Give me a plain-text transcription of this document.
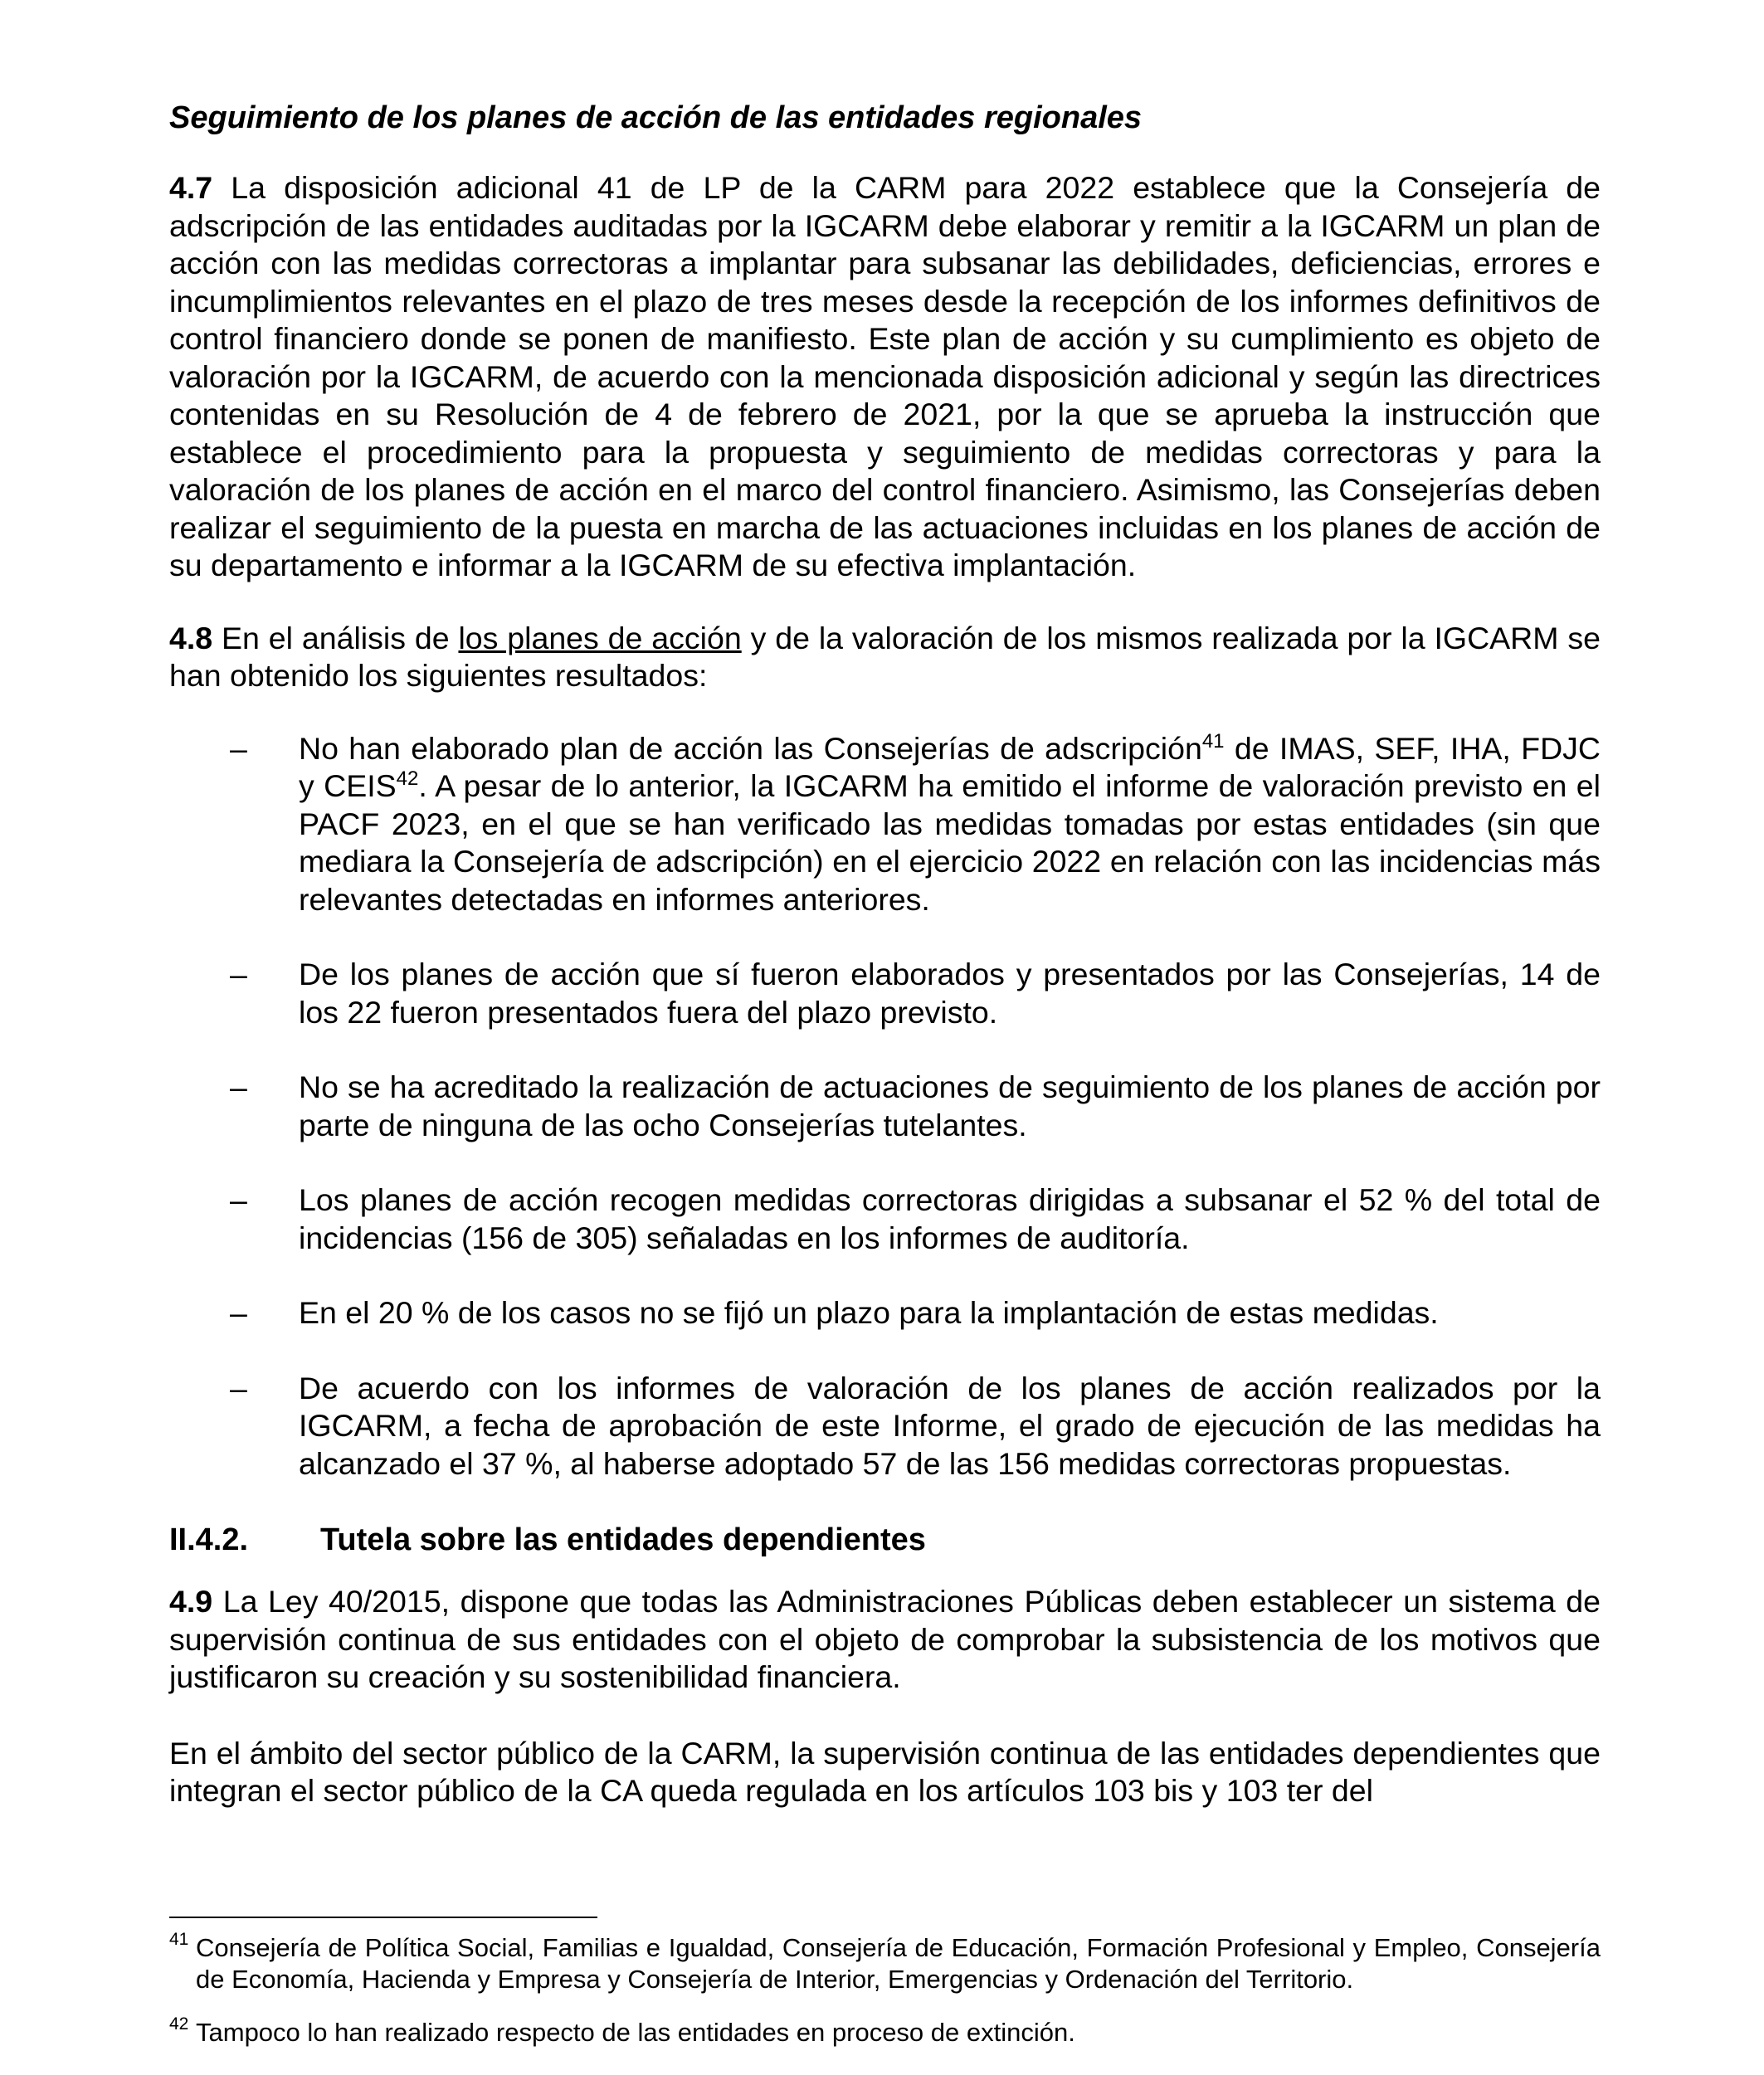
Seguimiento de los planes de acción de las entidades regionales

4.7 La disposición adicional 41 de LP de la CARM para 2022 establece que la Consejería de adscripción de las entidades auditadas por la IGCARM debe elaborar y remitir a la IGCARM un plan de acción con las medidas correctoras a implantar para subsanar las debilidades, deficiencias, errores e incumplimientos relevantes en el plazo de tres meses desde la recepción de los informes definitivos de control financiero donde se ponen de manifiesto. Este plan de acción y su cumplimiento es objeto de valoración por la IGCARM, de acuerdo con la mencionada disposición adicional y según las directrices contenidas en su Resolución de 4 de febrero de 2021, por la que se aprueba la instrucción que establece el procedimiento para la propuesta y seguimiento de medidas correctoras y para la valoración de los planes de acción en el marco del control financiero. Asimismo, las Consejerías deben realizar el seguimiento de la puesta en marcha de las actuaciones incluidas en los planes de acción de su departamento e informar a la IGCARM de su efectiva implantación.

4.8 En el análisis de los planes de acción y de la valoración de los mismos realizada por la IGCARM se han obtenido los siguientes resultados:

– No han elaborado plan de acción las Consejerías de adscripción$^{41}$ de IMAS, SEF, IHA, FDJC y CEIS$^{42}$. A pesar de lo anterior, la IGCARM ha emitido el informe de valoración previsto en el PACF 2023, en el que se han verificado las medidas tomadas por estas entidades (sin que mediara la Consejería de adscripción) en el ejercicio 2022 en relación con las incidencias más relevantes detectadas en informes anteriores.
– De los planes de acción que sí fueron elaborados y presentados por las Consejerías, 14 de los 22 fueron presentados fuera del plazo previsto.
– No se ha acreditado la realización de actuaciones de seguimiento de los planes de acción por parte de ninguna de las ocho Consejerías tutelantes.
– Los planes de acción recogen medidas correctoras dirigidas a subsanar el 52 % del total de incidencias (156 de 305) señaladas en los informes de auditoría.
– En el 20 % de los casos no se fijó un plazo para la implantación de estas medidas.
– De acuerdo con los informes de valoración de los planes de acción realizados por la IGCARM, a fecha de aprobación de este Informe, el grado de ejecución de las medidas ha alcanzado el 37 %, al haberse adoptado 57 de las 156 medidas correctoras propuestas.
II.4.2.	Tutela sobre las entidades dependientes

4.9 La Ley 40/2015, dispone que todas las Administraciones Públicas deben establecer un sistema de supervisión continua de sus entidades con el objeto de comprobar la subsistencia de los motivos que justificaron su creación y su sostenibilidad financiera.

En el ámbito del sector público de la CARM, la supervisión continua de las entidades dependientes que integran el sector público de la CA queda regulada en los artículos 103 bis y 103 ter del

41 Consejería de Política Social, Familias e Igualdad, Consejería de Educación, Formación Profesional y Empleo, Consejería de Economía, Hacienda y Empresa y Consejería de Interior, Emergencias y Ordenación del Territorio.
42 Tampoco lo han realizado respecto de las entidades en proceso de extinción.
